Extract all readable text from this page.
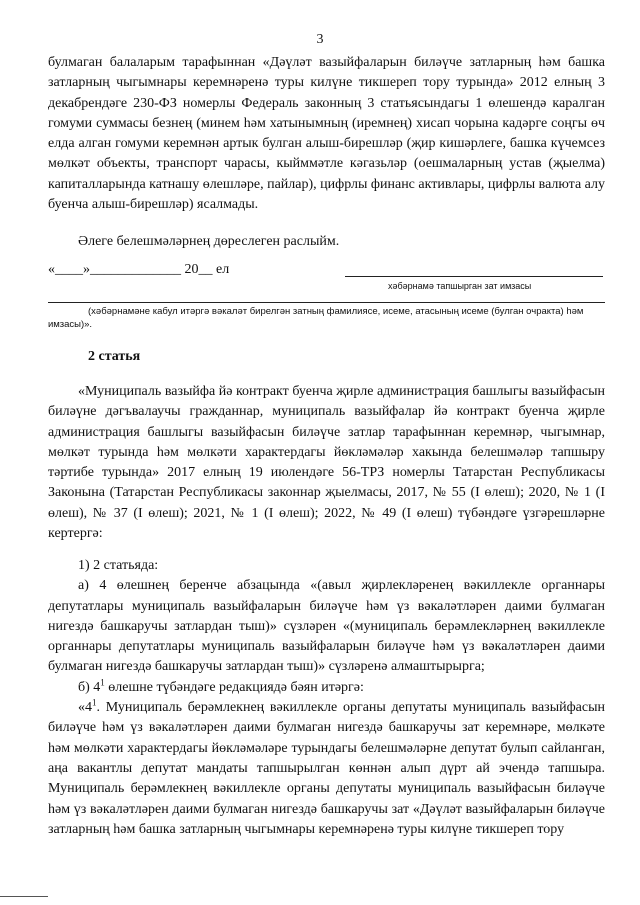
3

булмаган балаларым тарафыннан «Дәүләт вазыйфаларын биләүче затларның һәм башка затларның чыгымнары керемнәренә туры килүне тикшереп тору турында» 2012 елның 3 декабрендәге 230-ФЗ номерлы Федераль законның 3 статьясындагы 1 өлешендә каралган гомуми суммасы безнең (минем һәм хатынымның (иремнең) хисап чорына кадәрге соңгы өч елда алган гомуми керемнән артык булган алыш-бирешләр (җир кишәрлеге, башка күчемсез мөлкәт объекты, транспорт чарасы, кыйммәтле кәгазьләр (оешмаларның устав (җыелма) капиталларында катнашу өлешләре, пайлар), цифрлы финанс активлары, цифрлы валюта алу буенча алыш-бирешләр) ясалмады.

Әлеге белешмәләрнең дөреслеген раслыйм.

«____»_____________ 20__ ел
хәбәрнамә тапшырган зат имзасы
(хәбәрнамәне кабул итәргә вәкаләт бирелгән затның фамилиясе, исеме, атасының исеме (булган очракта) һәм имзасы)».
2 статья

«Муниципаль вазыйфа йә контракт буенча җирле администрация башлыгы вазыйфасын биләүне дәгъвалаучы гражданнар, муниципаль вазыйфалар йә контракт буенча җирле администрация башлыгы вазыйфасын биләүче затлар тарафыннан керемнәр, чыгымнар, мөлкәт турында һәм мөлкәти характердагы йөкләмәләр хакында белешмәләр тапшыру тәртибе турында» 2017 елның 19 июлендәге 56-ТРЗ номерлы Татарстан Республикасы Законына (Татарстан Республикасы законнар җыелмасы, 2017, № 55 (I өлеш); 2020, № 1 (I өлеш), № 37 (I өлеш); 2021, № 1 (I өлеш); 2022, № 49 (I өлеш) түбәндәге үзгәрешләрне кертергә:

1) 2 статьяда:

а) 4 өлешнең беренче абзацында «(авыл җирлекләренең вәкиллекле органнары депутатлары муниципаль вазыйфаларын биләүче һәм үз вәкаләтләрен даими булмаган нигездә башкаручы затлардан тыш)» сүзләрен «(муниципаль берәмлекләрнең вәкиллекле органнары депутатлары муниципаль вазыйфаларын биләүче һәм үз вәкаләтләрен даими булмаган нигездә башкаручы затлардан тыш)» сүзләренә алмаштырырга;

б) $4^1$ өлешне түбәндәге редакциядә бәян итәргә:

«$4^1$. Муниципаль берәмлекнең вәкиллекле органы депутаты муниципаль вазыйфасын биләүче һәм үз вәкаләтләрен даими булмаган нигездә башкаручы зат керемнәре, мөлкәте һәм мөлкәти характердагы йөкләмәләре турындагы белешмәләрне депутат булып сайланган, аңа вакантлы депутат мандаты тапшырылган көннән алып дүрт ай эчендә тапшыра. Муниципаль берәмлекнең вәкиллекле органы депутаты муниципаль вазыйфасын биләүче һәм үз вәкаләтләрен даими булмаган нигездә башкаручы зат «Дәүләт вазыйфаларын биләүче затларның һәм башка затларның чыгымнары керемнәренә туры килүне тикшереп тору
